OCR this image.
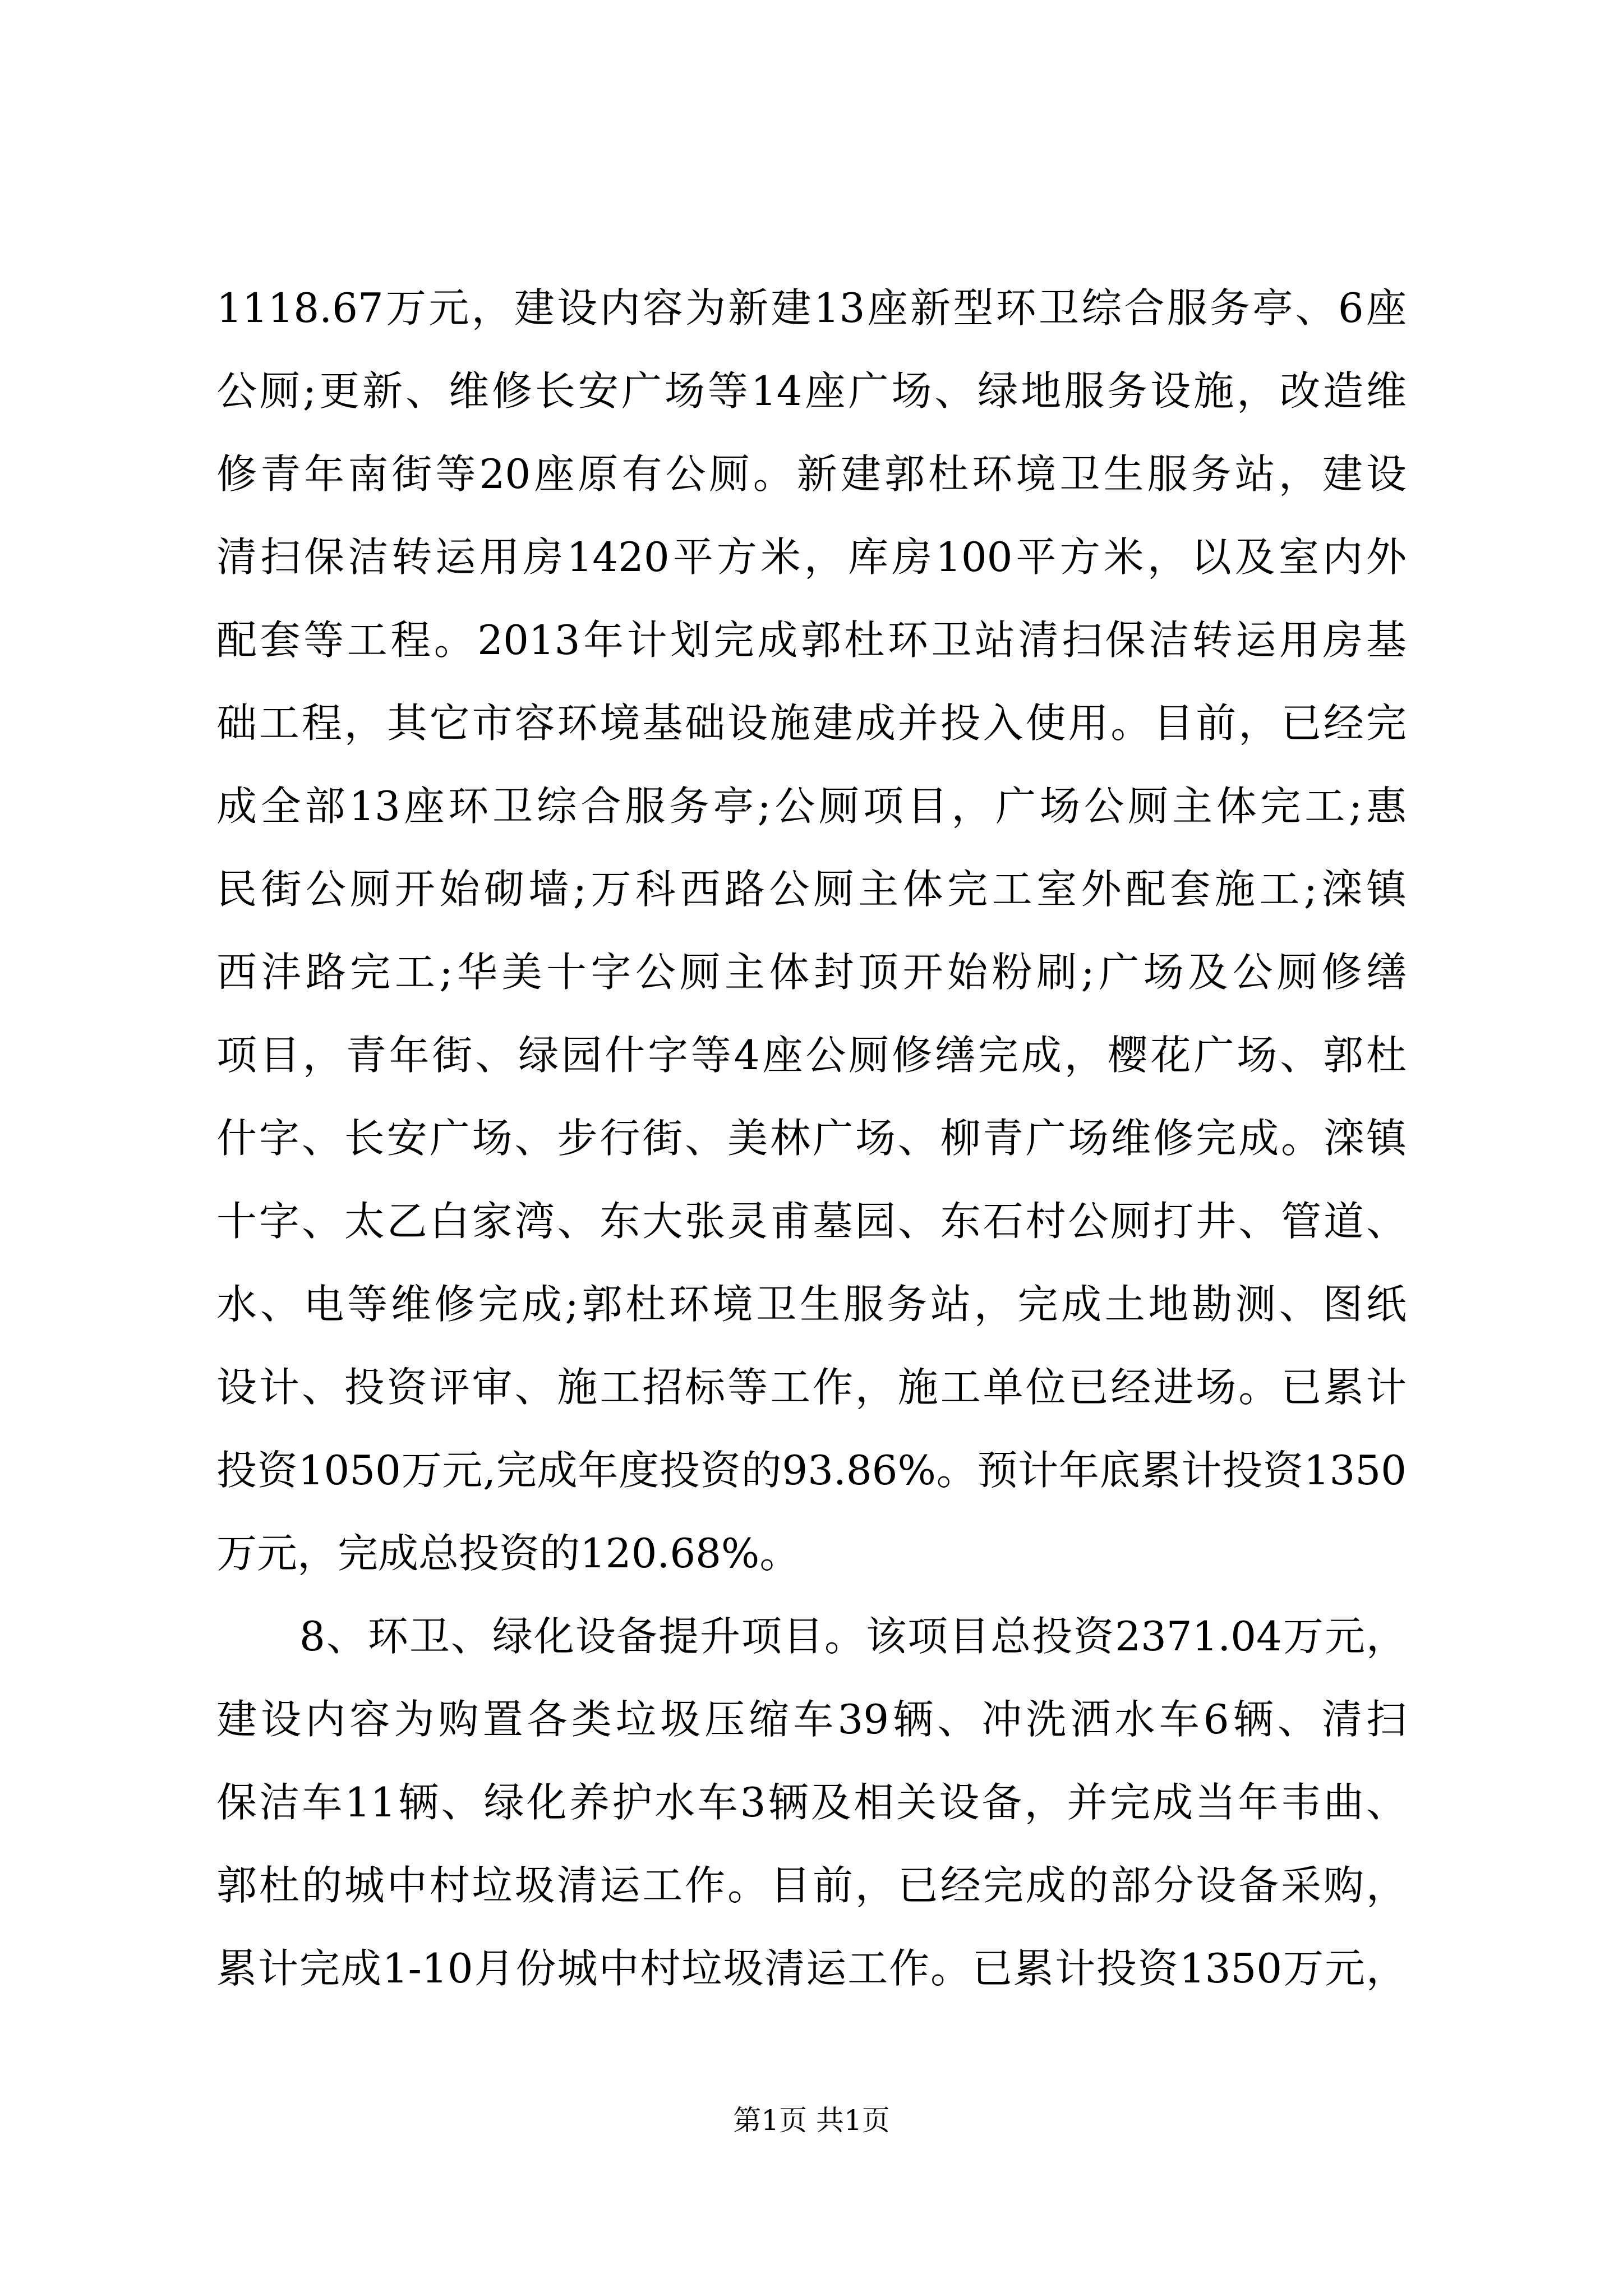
1118.67万元，建设内容为新建13座新型环卫综合服务亭、6座
公厕;更新、维修长安广场等14座广场、绿地服务设施，改造维
修青年南街等20座原有公厕。新建郭杜环境卫生服务站，建设
清扫保洁转运用房1420平方米，库房100平方米，以及室内外
配套等工程。2013年计划完成郭杜环卫站清扫保洁转运用房基
础工程，其它市容环境基础设施建成并投入使用。目前，已经完
成全部13座环卫综合服务亭;公厕项目，广场公厕主体完工;惠
民街公厕开始砌墙;万科西路公厕主体完工室外配套施工;滦镇
西沣路完工;华美十字公厕主体封顶开始粉刷;广场及公厕修缮
项目，青年街、绿园什字等4座公厕修缮完成，樱花广场、郭杜
什字、长安广场、步行街、美林广场、柳青广场维修完成。滦镇
十字、太乙白家湾、东大张灵甫墓园、东石村公厕打井、管道、
水、电等维修完成;郭杜环境卫生服务站，完成土地勘测、图纸
设计、投资评审、施工招标等工作，施工单位已经进场。已累计
投资1050万元,完成年度投资的93.86%。预计年底累计投资1350
万元，完成总投资的120.68%。
8、环卫、绿化设备提升项目。该项目总投资2371.04万元，
建设内容为购置各类垃圾压缩车39辆、冲洗洒水车6辆、清扫
保洁车11辆、绿化养护水车3辆及相关设备，并完成当年韦曲、
郭杜的城中村垃圾清运工作。目前，已经完成的部分设备采购，
累计完成1-10月份城中村垃圾清运工作。已累计投资1350万元，
第1页 共1页
